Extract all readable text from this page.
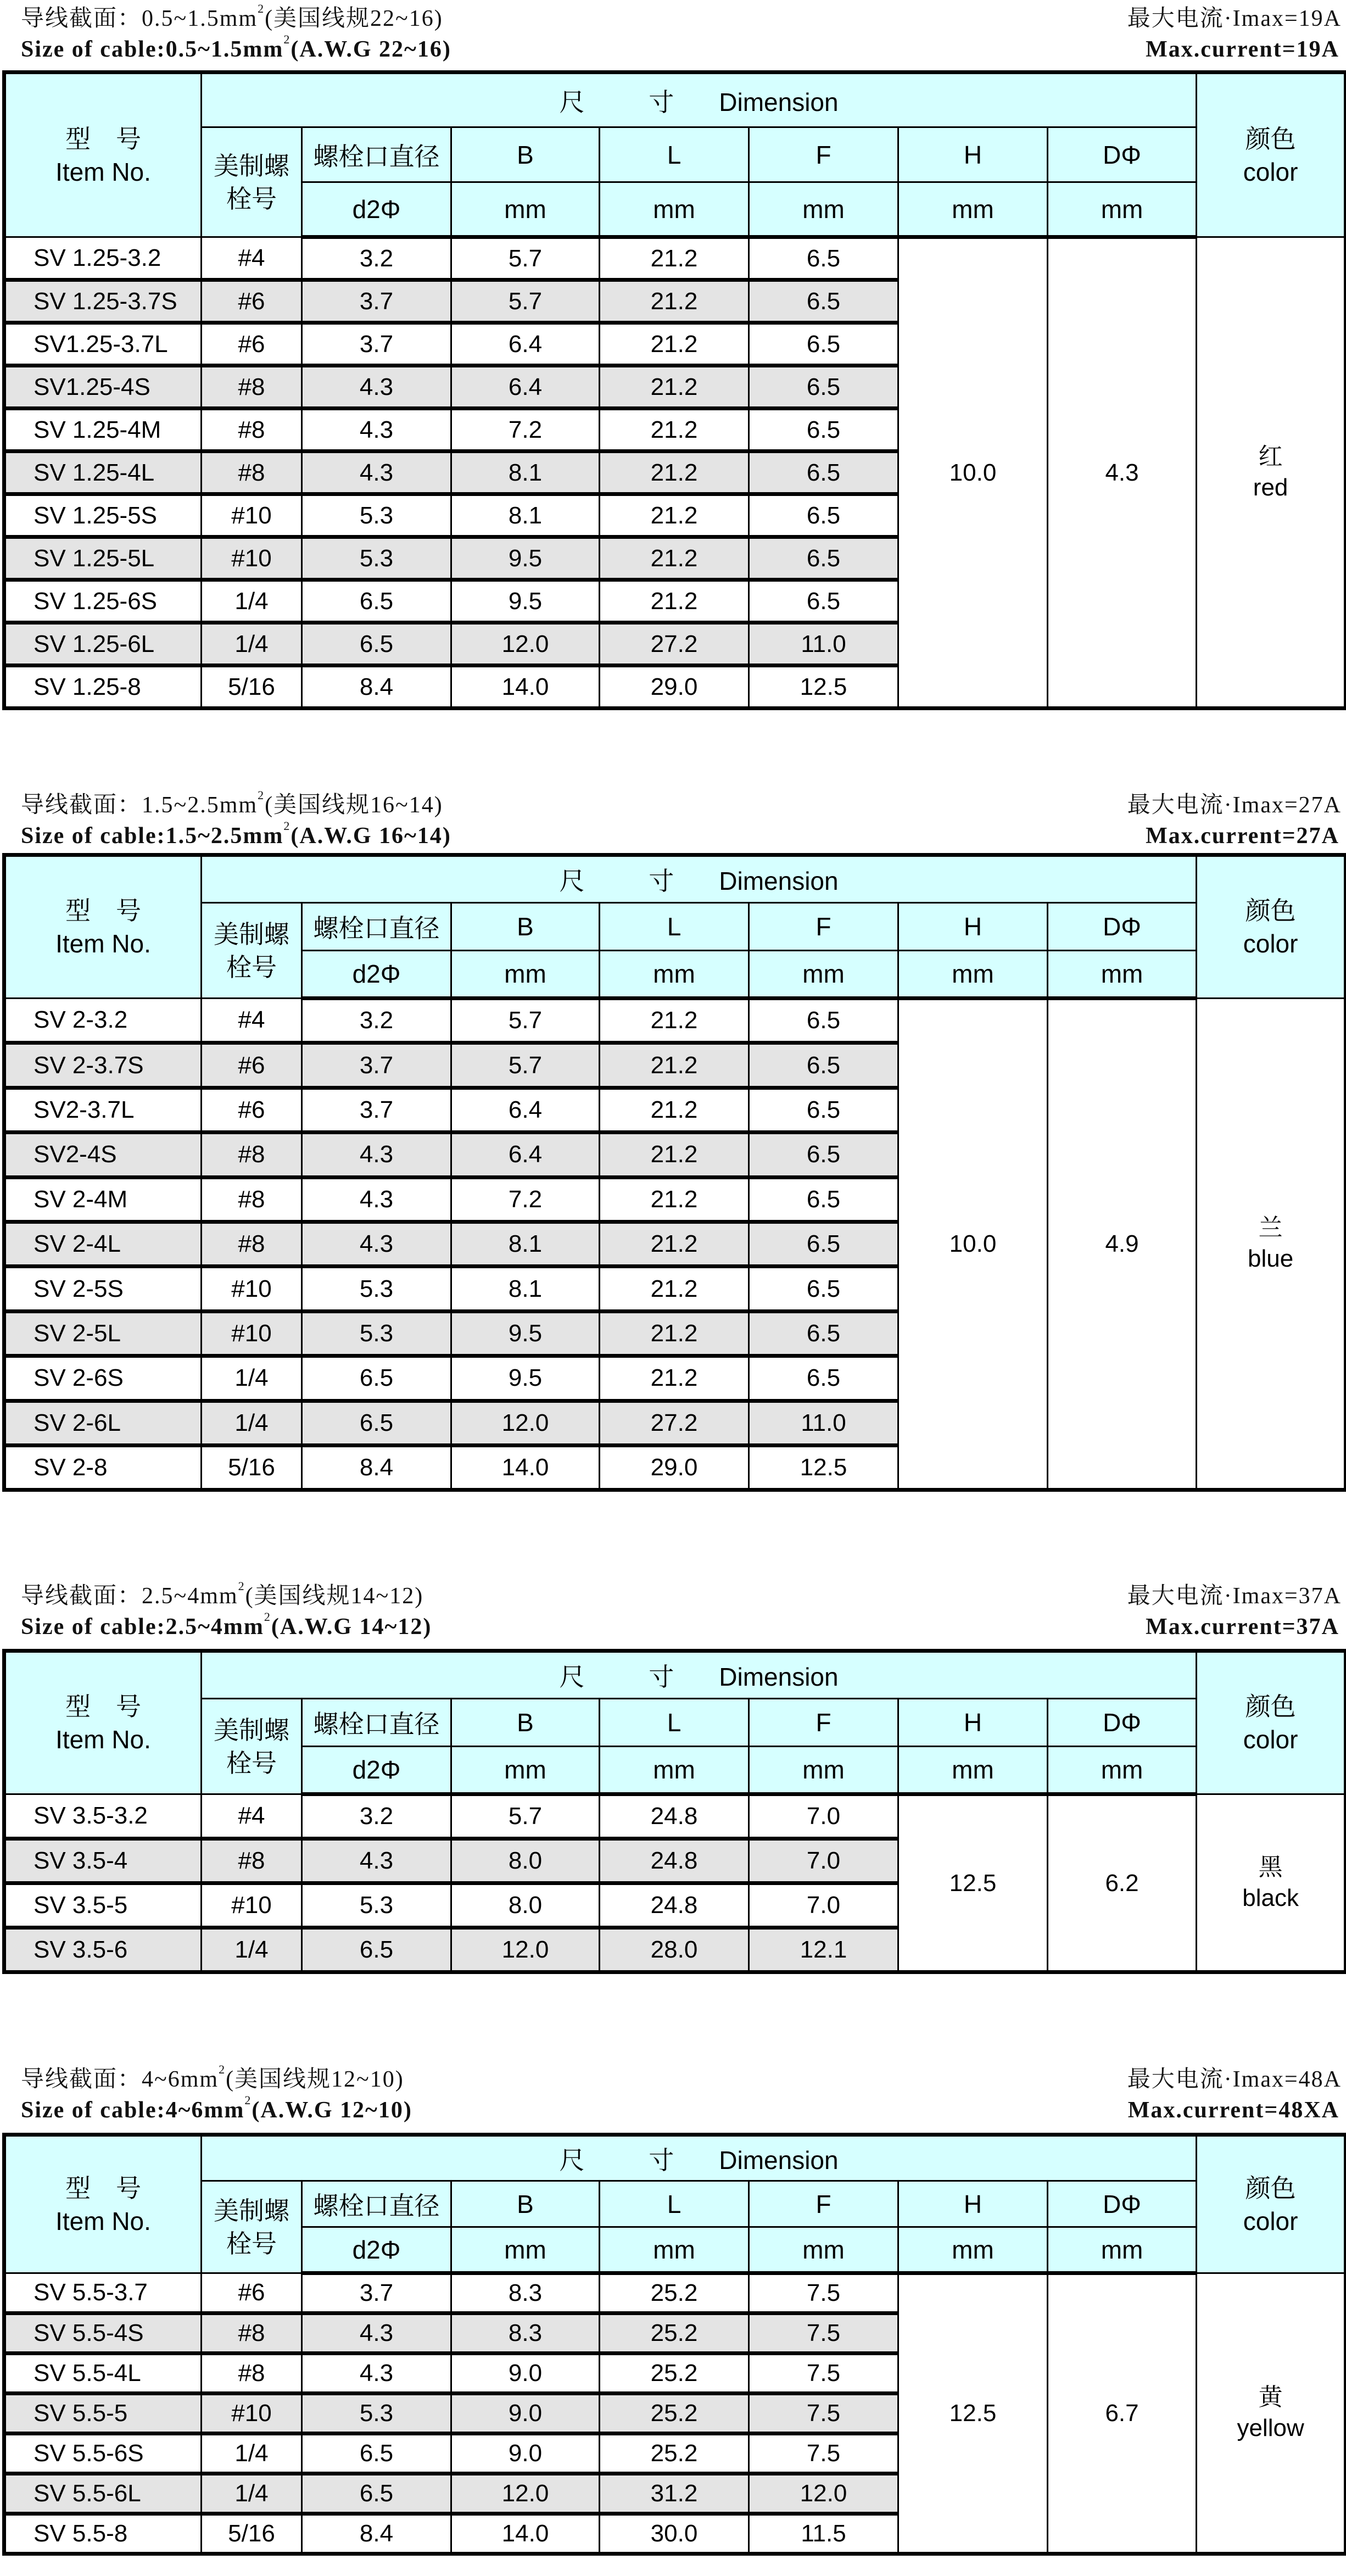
导线截面：$0.5\sim 1.5mm^2$(美国线规22~16)
Size of $cable:0.5\sim 1.5mm^2(A.W.G$ 22~16)
最大电流·Imax=19A
Max.current=19A
型　号
Item No.	尺 寸 Dimension							颜色
color

	美制螺
栓号	螺栓口直径	B	L	F	H	DΦ	
		d2Φ	mm	mm	mm	mm	mm	
SV 1.25-3.2	#4	3.2	5.7	21.2	6.5	10.0	4.3	红
red

SV 1.25-3.7S	#6	3.7	5.7	21.2	6.5			
SV1.25-3.7L	#6	3.7	6.4	21.2	6.5			
SV1.25-4S	#8	4.3	6.4	21.2	6.5			
SV 1.25-4M	#8	4.3	7.2	21.2	6.5			
SV 1.25-4L	#8	4.3	8.1	21.2	6.5			
SV 1.25-5S	#10	5.3	8.1	21.2	6.5			
SV 1.25-5L	#10	5.3	9.5	21.2	6.5			
SV 1.25-6S	1/4	6.5	9.5	21.2	6.5			
SV 1.25-6L	1/4	6.5	12.0	27.2	11.0			
SV 1.25-8	5/16	8.4	14.0	29.0	12.5			
导线截面：$1.5\sim 2.5mm^2$(美国线规16~14)
Size of $cable:1.5\sim 2.5mm^2(A.W.G$ 16~14)
最大电流·Imax=27A
Max.current=27A
型　号
Item No.	尺 寸 Dimension							颜色
color

	美制螺
栓号	螺栓口直径	B	L	F	H	DΦ	
		d2Φ	mm	mm	mm	mm	mm	
SV 2-3.2	#4	3.2	5.7	21.2	6.5	10.0	4.9	兰
blue

SV 2-3.7S	#6	3.7	5.7	21.2	6.5			
SV2-3.7L	#6	3.7	6.4	21.2	6.5			
SV2-4S	#8	4.3	6.4	21.2	6.5			
SV 2-4M	#8	4.3	7.2	21.2	6.5			
SV 2-4L	#8	4.3	8.1	21.2	6.5			
SV 2-5S	#10	5.3	8.1	21.2	6.5			
SV 2-5L	#10	5.3	9.5	21.2	6.5			
SV 2-6S	1/4	6.5	9.5	21.2	6.5			
SV 2-6L	1/4	6.5	12.0	27.2	11.0			
SV 2-8	5/16	8.4	14.0	29.0	12.5			
导线截面：$2.5\sim 4mm^2$(美国线规14~12)
Size of $cable:2.5\sim 4mm^2(A.W.G$ 14~12)
最大电流·Imax=37A
Max.current=37A
型　号
Item No.	尺 寸 Dimension							颜色
color

	美制螺
栓号	螺栓口直径	B	L	F	H	DΦ	
		d2Φ	mm	mm	mm	mm	mm	
SV 3.5-3.2	#4	3.2	5.7	24.8	7.0	12.5	6.2	黑
black

SV 3.5-4	#8	4.3	8.0	24.8	7.0			
SV 3.5-5	#10	5.3	8.0	24.8	7.0			
SV 3.5-6	1/4	6.5	12.0	28.0	12.1			
导线截面：$4\sim 6mm^2$(美国线规12~10)
Size of $cable:4\sim 6mm^2(A.W.G$ 12~10)
最大电流·Imax=48A
Max.current=48XA
型　号
Item No.	尺 寸 Dimension							颜色
color

	美制螺
栓号	螺栓口直径	B	L	F	H	DΦ	
		d2Φ	mm	mm	mm	mm	mm	
SV 5.5-3.7	#6	3.7	8.3	25.2	7.5	12.5	6.7	黄
yellow

SV 5.5-4S	#8	4.3	8.3	25.2	7.5			
SV 5.5-4L	#8	4.3	9.0	25.2	7.5			
SV 5.5-5	#10	5.3	9.0	25.2	7.5			
SV 5.5-6S	1/4	6.5	9.0	25.2	7.5			
SV 5.5-6L	1/4	6.5	12.0	31.2	12.0			
SV 5.5-8	5/16	8.4	14.0	30.0	11.5			
